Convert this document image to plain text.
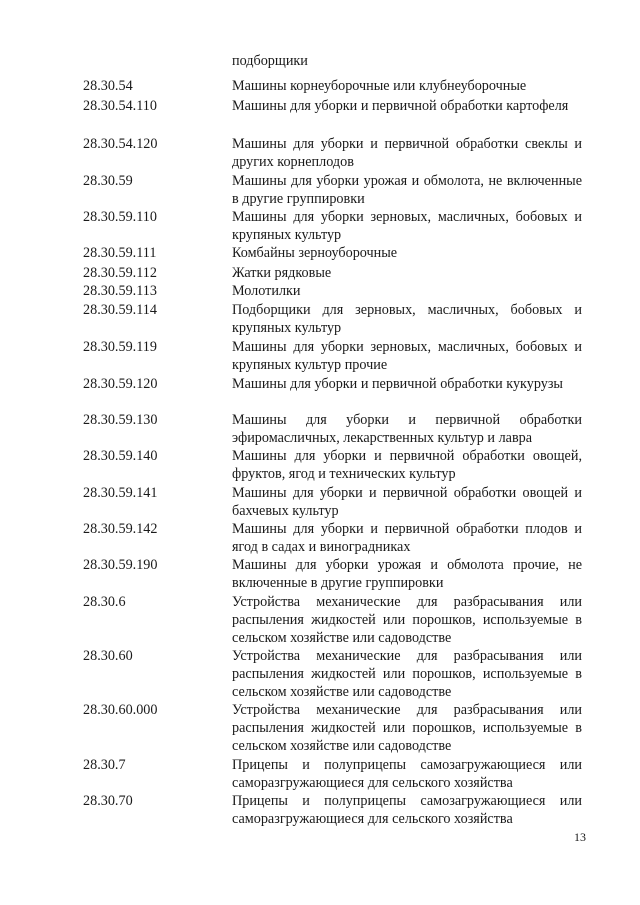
подборщики
28.30.54	Машины корнеуборочные или клубнеуборочные
28.30.54.110	Машины для уборки и первичной обработки картофеля
28.30.54.120	Машины для уборки и первичной обработки свеклы и других корнеплодов
28.30.59	Машины для уборки урожая и обмолота, не включенные в другие группировки
28.30.59.110	Машины для уборки зерновых, масличных, бобовых и крупяных культур
28.30.59.111	Комбайны зерноуборочные
28.30.59.112	Жатки рядковые
28.30.59.113	Молотилки
28.30.59.114	Подборщики для зерновых, масличных, бобовых и крупяных культур
28.30.59.119	Машины для уборки зерновых, масличных, бобовых и крупяных культур прочие
28.30.59.120	Машины для уборки и первичной обработки кукурузы
28.30.59.130	Машины для уборки и первичной обработки эфиромасличных, лекарственных культур и лавра
28.30.59.140	Машины для уборки и первичной обработки овощей, фруктов, ягод и технических культур
28.30.59.141	Машины для уборки и первичной обработки овощей и бахчевых культур
28.30.59.142	Машины для уборки и первичной обработки плодов и ягод в садах и виноградниках
28.30.59.190	Машины для уборки урожая и обмолота прочие, не включенные в другие группировки
28.30.6	Устройства механические для разбрасывания или распыления жидкостей или порошков, используемые в сельском хозяйстве или садоводстве
28.30.60	Устройства механические для разбрасывания или распыления жидкостей или порошков, используемые в сельском хозяйстве или садоводстве
28.30.60.000	Устройства механические для разбрасывания или распыления жидкостей или порошков, используемые в сельском хозяйстве или садоводстве
28.30.7	Прицепы и полуприцепы самозагружающиеся или саморазгружающиеся для сельского хозяйства
28.30.70	Прицепы и полуприцепы самозагружающиеся или саморазгружающиеся для сельского хозяйства
13
